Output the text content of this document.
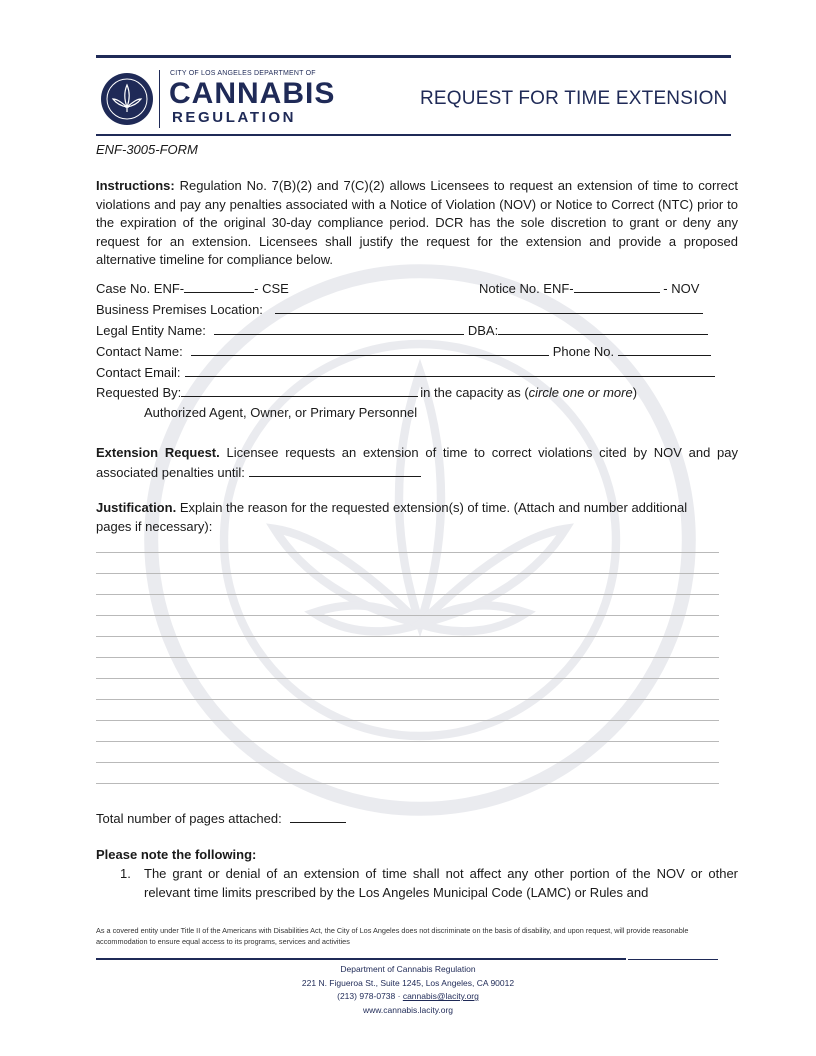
CITY OF LOS ANGELES DEPARTMENT OF
CANNABIS
REGULATION
REQUEST FOR TIME EXTENSION
ENF-3005-FORM
Instructions: Regulation No. 7(B)(2) and 7(C)(2) allows Licensees to request an extension of time to correct violations and pay any penalties associated with a Notice of Violation (NOV) or Notice to Correct (NTC) prior to the expiration of the original 30-day compliance period. DCR has the sole discretion to grant or deny any request for an extension. Licensees shall justify the request for the extension and provide a proposed alternative timeline for compliance below.
Case No. ENF-	- CSE	Notice No. ENF-	- NOV
Business Premises Location:
Legal Entity Name:	DBA:
Contact Name:	Phone No.
Contact Email:
Requested By:	in the capacity as (circle one or more)
Authorized Agent, Owner, or Primary Personnel
Extension Request. Licensee requests an extension of time to correct violations cited by NOV and pay associated penalties until:
Justification. Explain the reason for the requested extension(s) of time. (Attach and number additional pages if necessary):
Total number of pages attached:
Please note the following:
1. The grant or denial of an extension of time shall not affect any other portion of the NOV or other relevant time limits prescribed by the Los Angeles Municipal Code (LAMC) or Rules and
As a covered entity under Title II of the Americans with Disabilities Act, the City of Los Angeles does not discriminate on the basis of disability, and upon request, will provide reasonable accommodation to ensure equal access to its programs, services and activities
Department of Cannabis Regulation
221 N. Figueroa St., Suite 1245, Los Angeles, CA 90012
(213) 978-0738 · cannabis@lacity.org
www.cannabis.lacity.org
